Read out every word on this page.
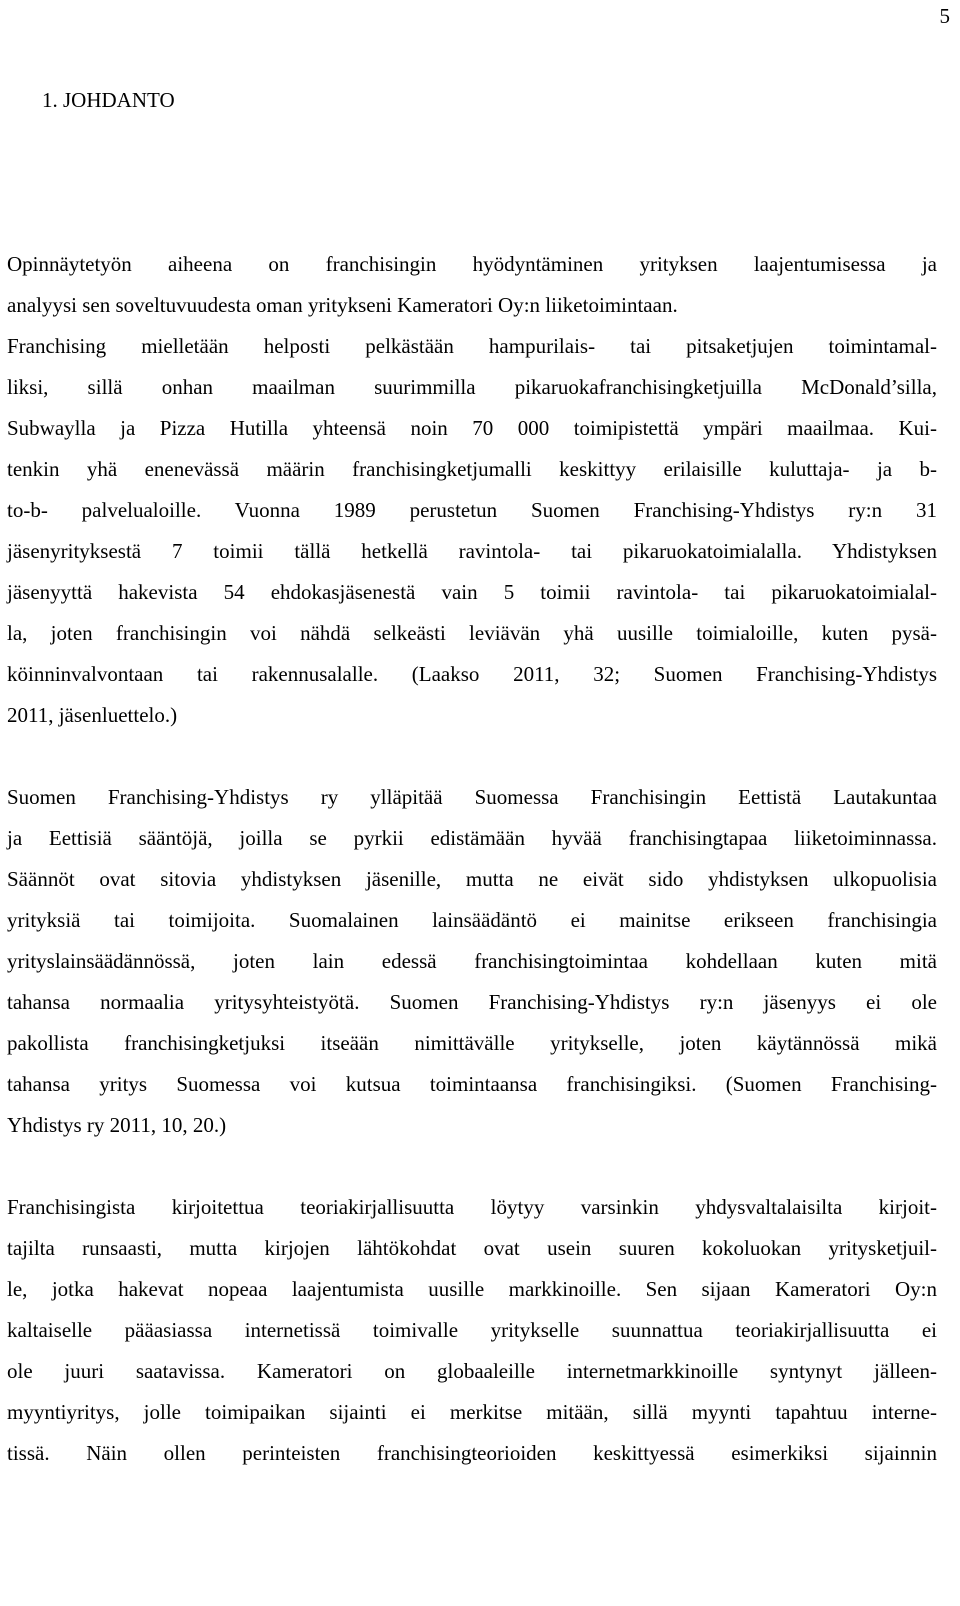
5
1. JOHDANTO

Opinnäytetyön aiheena on franchisingin hyödyntäminen yrityksen laajentumisessa ja
analyysi sen soveltuvuudesta oman yritykseni Kameratori Oy:n liiketoimintaan.

Franchising mielletään helposti pelkästään hampurilais- tai pitsaketjujen toimintamal-
liksi, sillä onhan maailman suurimmilla pikaruokafranchisingketjuilla McDonald’silla,
Subwaylla ja Pizza Hutilla yhteensä noin 70 000 toimipistettä ympäri maailmaa. Kui-
tenkin yhä enenevässä määrin franchisingketjumalli keskittyy erilaisille kuluttaja- ja b-
to-b- palvelualoille. Vuonna 1989 perustetun Suomen Franchising-Yhdistys ry:n 31
jäsenyrityksestä 7 toimii tällä hetkellä ravintola- tai pikaruokatoimialalla. Yhdistyksen
jäsenyyttä hakevista 54 ehdokasjäsenestä vain 5 toimii ravintola- tai pikaruokatoimialal-
la, joten franchisingin voi nähdä selkeästi leviävän yhä uusille toimialoille, kuten pysä-
köinninvalvontaan tai rakennusalalle. (Laakso 2011, 32; Suomen Franchising-Yhdistys
2011, jäsenluettelo.)

Suomen Franchising-Yhdistys ry ylläpitää Suomessa Franchisingin Eettistä Lautakuntaa
ja Eettisiä sääntöjä, joilla se pyrkii edistämään hyvää franchisingtapaa liiketoiminnassa.
Säännöt ovat sitovia yhdistyksen jäsenille, mutta ne eivät sido yhdistyksen ulkopuolisia
yrityksiä tai toimijoita. Suomalainen lainsäädäntö ei mainitse erikseen franchisingia
yrityslainsäädännössä, joten lain edessä franchisingtoimintaa kohdellaan kuten mitä
tahansa normaalia yritysyhteistyötä. Suomen Franchising-Yhdistys ry:n jäsenyys ei ole
pakollista franchisingketjuksi itseään nimittävälle yritykselle, joten käytännössä mikä
tahansa yritys Suomessa voi kutsua toimintaansa franchisingiksi. (Suomen Franchising-
Yhdistys ry 2011, 10, 20.)

Franchisingista kirjoitettua teoriakirjallisuutta löytyy varsinkin yhdysvaltalaisilta kirjoit-
tajilta runsaasti, mutta kirjojen lähtökohdat ovat usein suuren kokoluokan yritysketjuil-
le, jotka hakevat nopeaa laajentumista uusille markkinoille. Sen sijaan Kameratori Oy:n
kaltaiselle pääasiassa internetissä toimivalle yritykselle suunnattua teoriakirjallisuutta ei
ole juuri saatavissa. Kameratori on globaaleille internetmarkkinoille syntynyt jälleen-
myyntiyritys, jolle toimipaikan sijainti ei merkitse mitään, sillä myynti tapahtuu interne-
tissä. Näin ollen perinteisten franchisingteorioiden keskittyessä esimerkiksi sijainnin
